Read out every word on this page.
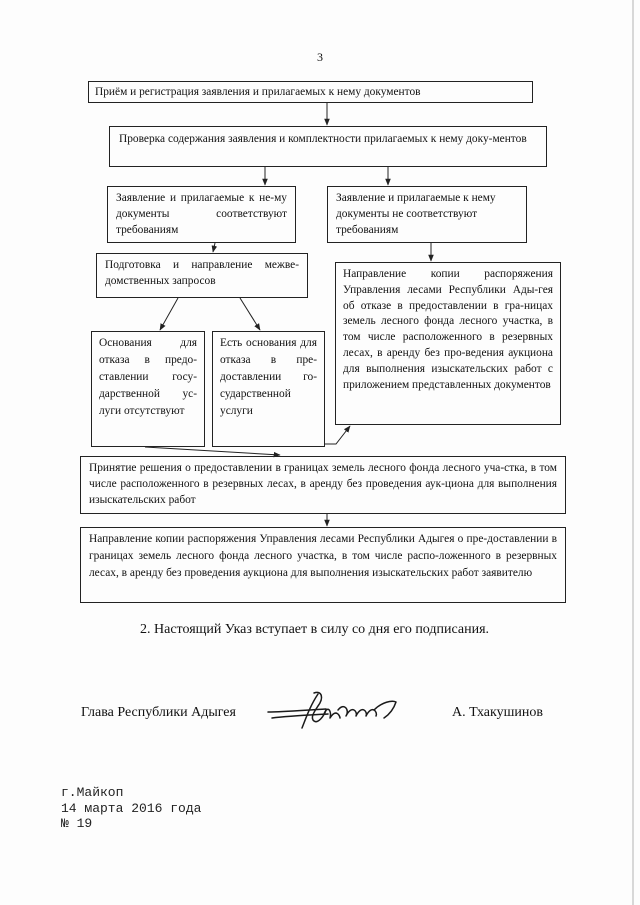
3
Приём и регистрация заявления и прилагаемых к нему документов
Проверка содержания заявления и комплектности прилагаемых к нему доку-ментов
Заявление и прилагаемые к не-му документы соответствуют требованиям
Заявление и прилагаемые к нему документы не соответствуют требованиям
Подготовка и направление межве-домственных запросов
Направление копии распоряжения Управления лесами Республики Ады-гея об отказе в предоставлении в гра-ницах земель лесного фонда лесного участка, в том числе расположенного в резервных лесах, в аренду без про-ведения аукциона для выполнения изыскательских работ с приложением представленных документов
Основания для отказа в предо-ставлении госу-дарственной ус-луги отсутствуют
Есть основания для отказа в пре-доставлении го-сударственной услуги
Принятие решения о предоставлении в границах земель лесного фонда лесного уча-стка, в том числе расположенного в резервных лесах, в аренду без проведения аук-циона для выполнения изыскательских работ
Направление копии распоряжения Управления лесами Республики Адыгея о пре-доставлении в границах земель лесного фонда лесного участка, в том числе распо-ложенного в резервных лесах, в аренду без проведения аукциона для выполнения изыскательских работ заявителю
2. Настоящий Указ вступает в силу со дня его подписания.
Глава Республики Адыгея	А. Тхакушинов
г.Майкоп
14 марта 2016 года
№ 19
